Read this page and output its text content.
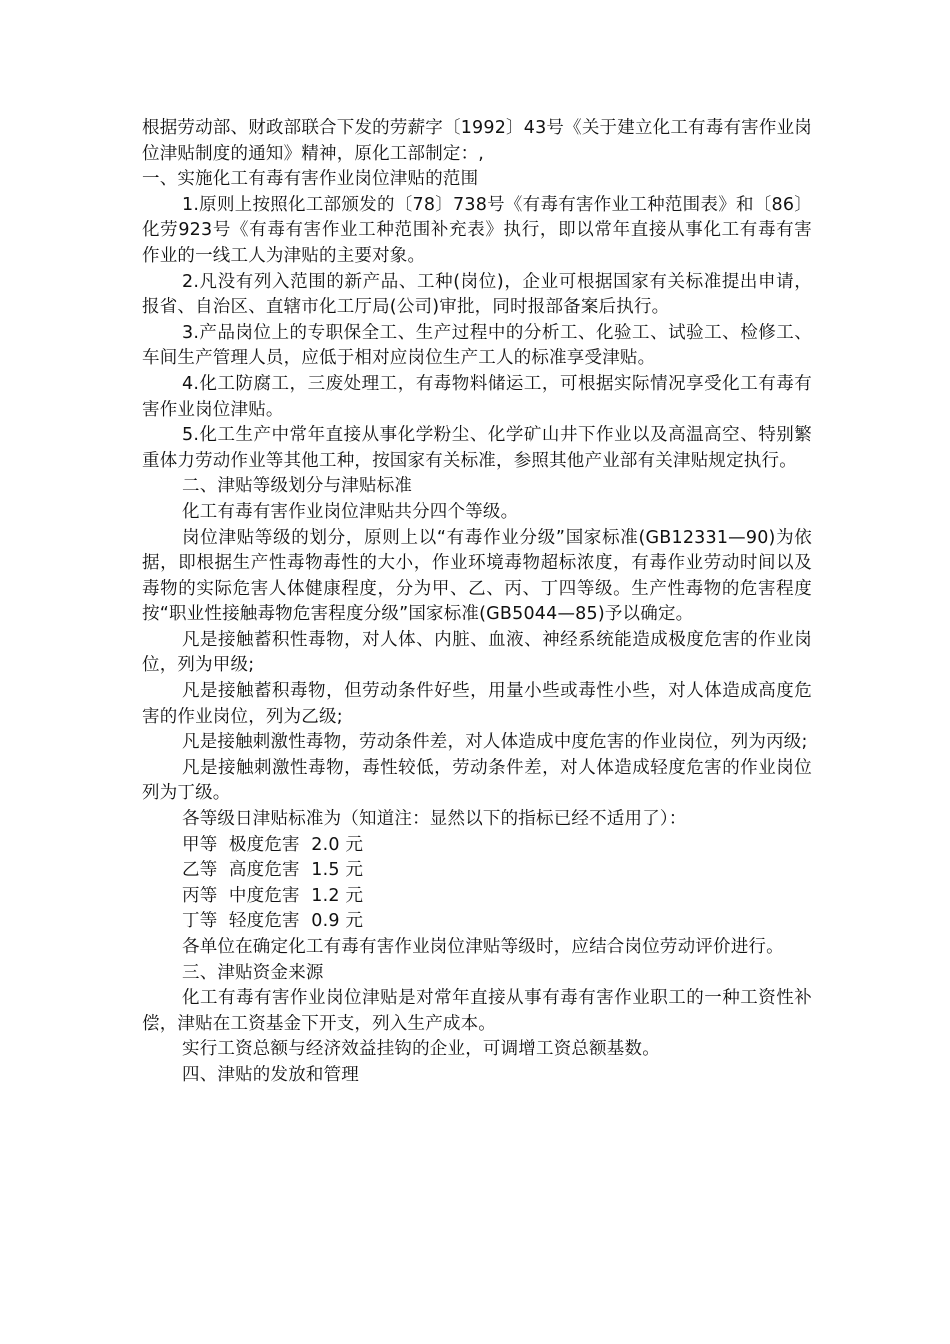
根据劳动部、财政部联合下发的劳薪字〔1992〕43号《关于建立化工有毒有害作业岗位津贴制度的通知》精神，原化工部制定：,

一、实施化工有毒有害作业岗位津贴的范围

1.原则上按照化工部颁发的〔78〕738号《有毒有害作业工种范围表》和〔86〕化劳923号《有毒有害作业工种范围补充表》执行，即以常年直接从事化工有毒有害作业的一线工人为津贴的主要对象。

2.凡没有列入范围的新产品、工种(岗位)，企业可根据国家有关标准提出申请，报省、自治区、直辖市化工厅局(公司)审批，同时报部备案后执行。

3.产品岗位上的专职保全工、生产过程中的分析工、化验工、试验工、检修工、车间生产管理人员，应低于相对应岗位生产工人的标准享受津贴。

4.化工防腐工，三废处理工，有毒物料储运工，可根据实际情况享受化工有毒有害作业岗位津贴。

5.化工生产中常年直接从事化学粉尘、化学矿山井下作业以及高温高空、特别繁重体力劳动作业等其他工种，按国家有关标准，参照其他产业部有关津贴规定执行。

二、津贴等级划分与津贴标准

化工有毒有害作业岗位津贴共分四个等级。

岗位津贴等级的划分，原则上以“有毒作业分级”国家标准(GB12331—90)为依据，即根据生产性毒物毒性的大小，作业环境毒物超标浓度，有毒作业劳动时间以及毒物的实际危害人体健康程度，分为甲、乙、丙、丁四等级。生产性毒物的危害程度按“职业性接触毒物危害程度分级”国家标准(GB5044—85)予以确定。

凡是接触蓄积性毒物，对人体、内脏、血液、神经系统能造成极度危害的作业岗位，列为甲级;

凡是接触蓄积毒物，但劳动条件好些，用量小些或毒性小些，对人体造成高度危害的作业岗位，列为乙级;

凡是接触刺激性毒物，劳动条件差，对人体造成中度危害的作业岗位，列为丙级;

凡是接触刺激性毒物，毒性较低，劳动条件差，对人体造成轻度危害的作业岗位列为丁级。

各等级日津贴标准为（知道注：显然以下的指标已经不适用了）：

甲等  极度危害  2.0 元

乙等  高度危害  1.5 元

丙等  中度危害  1.2 元

丁等  轻度危害  0.9 元

各单位在确定化工有毒有害作业岗位津贴等级时，应结合岗位劳动评价进行。

三、津贴资金来源

化工有毒有害作业岗位津贴是对常年直接从事有毒有害作业职工的一种工资性补偿，津贴在工资基金下开支，列入生产成本。

实行工资总额与经济效益挂钩的企业，可调增工资总额基数。

四、津贴的发放和管理
